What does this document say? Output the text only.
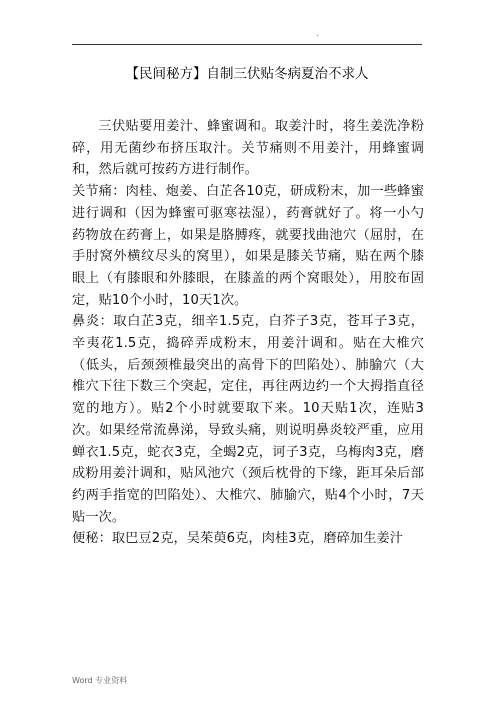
.
【民间秘方】自制三伏贴冬病夏治不求人

三伏贴要用姜汁、蜂蜜调和。取姜汁时，将生姜洗净粉碎，用无菌纱布挤压取汁。关节痛则不用姜汁，用蜂蜜调和，然后就可按药方进行制作。

关节痛：肉桂、炮姜、白芷各10克，研成粉末，加一些蜂蜜进行调和（因为蜂蜜可驱寒祛湿），药膏就好了。将一小勺药物放在药膏上，如果是胳膊疼，就要找曲池穴（屈肘，在手肘窝外横纹尽头的窝里），如果是膝关节痛，贴在两个膝眼上（有膝眼和外膝眼，在膝盖的两个窝眼处），用胶布固定，贴10个小时，10天1次。

鼻炎：取白芷3克，细辛1.5克，白芥子3克，苍耳子3克，辛夷花1.5克，捣碎弄成粉末，用姜汁调和。贴在大椎穴（低头，后颈颈椎最突出的高骨下的凹陷处）、肺腧穴（大椎穴下往下数三个突起，定住，再往两边约一个大拇指直径宽的地方）。贴2个小时就要取下来。10天贴1次，连贴3次。如果经常流鼻涕，导致头痛，则说明鼻炎较严重，应用蝉衣1.5克，蛇衣3克，全蝎2克，诃子3克，乌梅肉3克，磨成粉用姜汁调和，贴风池穴（颈后枕骨的下缘，距耳朵后部约两手指宽的凹陷处）、大椎穴、肺腧穴，贴4个小时，7天贴一次。

便秘：取巴豆2克，吴茱萸6克，肉桂3克，磨碎加生姜汁

Word 专业资料
